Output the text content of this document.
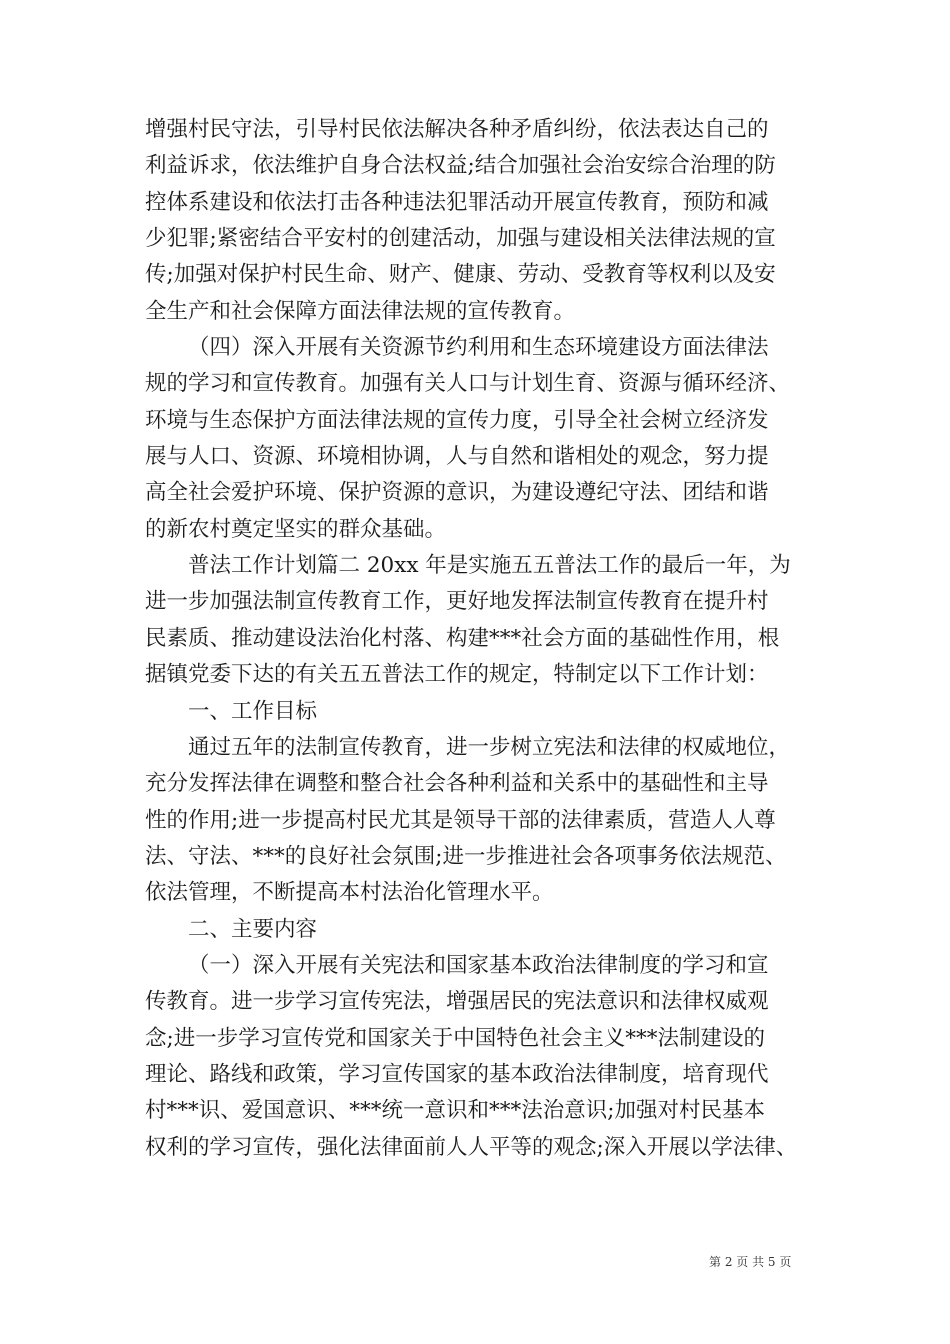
增强村民守法，引导村民依法解决各种矛盾纠纷，依法表达自己的
利益诉求，依法维护自身合法权益;结合加强社会治安综合治理的防
控体系建设和依法打击各种违法犯罪活动开展宣传教育，预防和减
少犯罪;紧密结合平安村的创建活动，加强与建设相关法律法规的宣
传;加强对保护村民生命、财产、健康、劳动、受教育等权利以及安
全生产和社会保障方面法律法规的宣传教育。
（四）深入开展有关资源节约利用和生态环境建设方面法律法
规的学习和宣传教育。加强有关人口与计划生育、资源与循环经济、
环境与生态保护方面法律法规的宣传力度，引导全社会树立经济发
展与人口、资源、环境相协调，人与自然和谐相处的观念，努力提
高全社会爱护环境、保护资源的意识，为建设遵纪守法、团结和谐
的新农村奠定坚实的群众基础。
普法工作计划篇二 20xx 年是实施五五普法工作的最后一年，为
进一步加强法制宣传教育工作，更好地发挥法制宣传教育在提升村
民素质、推动建设法治化村落、构建***社会方面的基础性作用，根
据镇党委下达的有关五五普法工作的规定，特制定以下工作计划：
一、工作目标
通过五年的法制宣传教育，进一步树立宪法和法律的权威地位，
充分发挥法律在调整和整合社会各种利益和关系中的基础性和主导
性的作用;进一步提高村民尤其是领导干部的法律素质，营造人人尊
法、守法、***的良好社会氛围;进一步推进社会各项事务依法规范、
依法管理，不断提高本村法治化管理水平。
二、主要内容
（一）深入开展有关宪法和国家基本政治法律制度的学习和宣
传教育。进一步学习宣传宪法，增强居民的宪法意识和法律权威观
念;进一步学习宣传党和国家关于中国特色社会主义***法制建设的
理论、路线和政策，学习宣传国家的基本政治法律制度，培育现代
村***识、爱国意识、***统一意识和***法治意识;加强对村民基本
权利的学习宣传，强化法律面前人人平等的观念;深入开展以学法律、
第 2 页 共 5 页
